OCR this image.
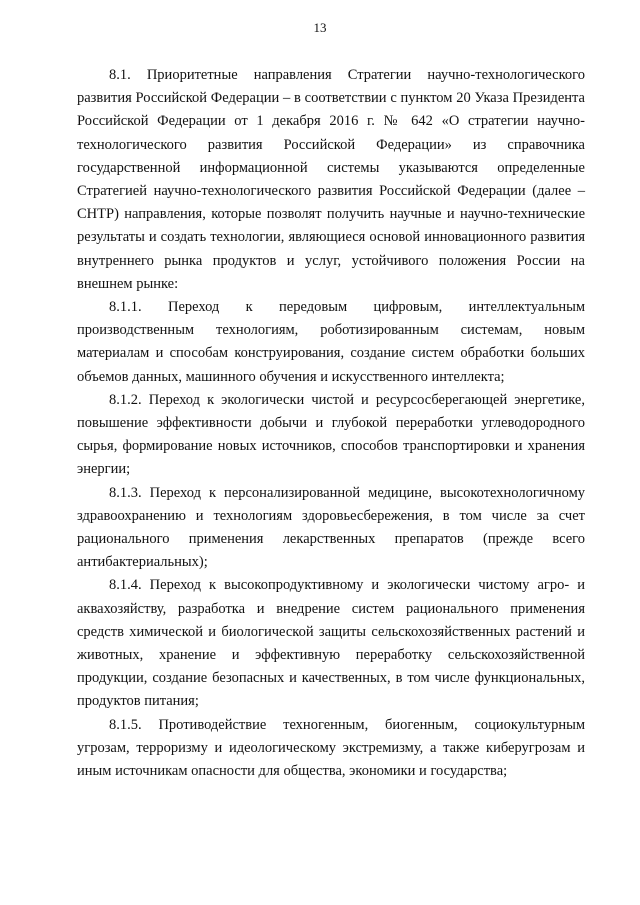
13

8.1. Приоритетные направления Стратегии научно-технологического развития Российской Федерации – в соответствии с пунктом 20 Указа Президента Российской Федерации от 1 декабря 2016 г. № 642 «О стратегии научно-технологического развития Российской Федерации» из справочника государственной информационной системы указываются определенные Стратегией научно-технологического развития Российской Федерации (далее – СНТР) направления, которые позволят получить научные и научно-технические результаты и создать технологии, являющиеся основой инновационного развития внутреннего рынка продуктов и услуг, устойчивого положения России на внешнем рынке:

8.1.1. Переход к передовым цифровым, интеллектуальным производственным технологиям, роботизированным системам, новым материалам и способам конструирования, создание систем обработки больших объемов данных, машинного обучения и искусственного интеллекта;

8.1.2. Переход к экологически чистой и ресурсосберегающей энергетике, повышение эффективности добычи и глубокой переработки углеводородного сырья, формирование новых источников, способов транспортировки и хранения энергии;

8.1.3. Переход к персонализированной медицине, высокотехнологичному здравоохранению и технологиям здоровьесбережения, в том числе за счет рационального применения лекарственных препаратов (прежде всего антибактериальных);

8.1.4. Переход к высокопродуктивному и экологически чистому агро- и аквахозяйству, разработка и внедрение систем рационального применения средств химической и биологической защиты сельскохозяйственных растений и животных, хранение и эффективную переработку сельскохозяйственной продукции, создание безопасных и качественных, в том числе функциональных, продуктов питания;

8.1.5. Противодействие техногенным, биогенным, социокультурным угрозам, терроризму и идеологическому экстремизму, а также киберугрозам и иным источникам опасности для общества, экономики и государства;
